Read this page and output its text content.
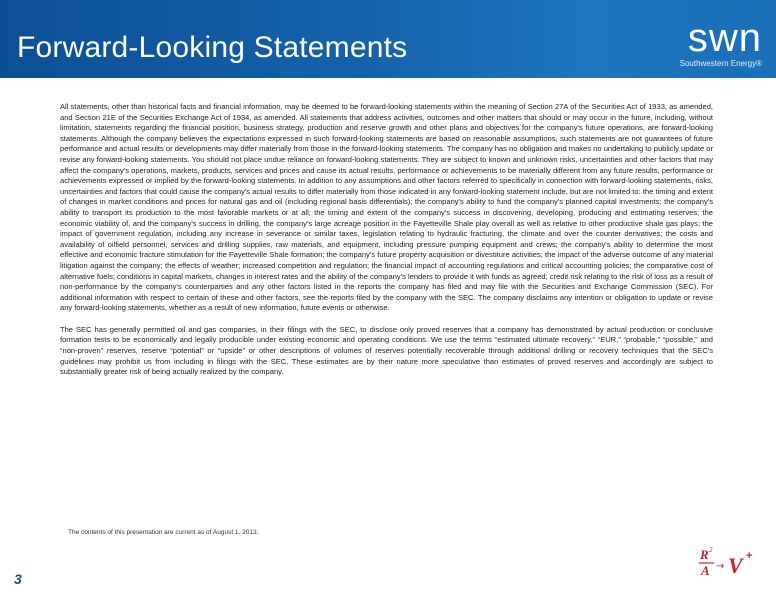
Forward-Looking Statements	swn
Southwestern Energy®

All statements, other than historical facts and financial information, may be deemed to be forward-looking statements within the meaning of Section 27A of the Securities Act of 1933, as amended, and Section 21E of the Securities Exchange Act of 1934, as amended. All statements that address activities, outcomes and other matters that should or may occur in the future, including, without limitation, statements regarding the financial position, business strategy, production and reserve growth and other plans and objectives for the company's future operations, are forward-looking statements. Although the company believes the expectations expressed in such forward-looking statements are based on reasonable assumptions, such statements are not guarantees of future performance and actual results or developments may differ materially from those in the forward-looking statements. The company has no obligation and makes no undertaking to publicly update or revise any forward-looking statements. You should not place undue reliance on forward-looking statements. They are subject to known and unknown risks, uncertainties and other factors that may affect the company's operations, markets, products, services and prices and cause its actual results, performance or achievements to be materially different from any future results, performance or achievements expressed or implied by the forward-looking statements. In addition to any assumptions and other factors referred to specifically in connection with forward-looking statements, risks, uncertainties and factors that could cause the company's actual results to differ materially from those indicated in any forward-looking statement include, but are not limited to: the timing and extent of changes in market conditions and prices for natural gas and oil (including regional basis differentials); the company's ability to fund the company's planned capital investments; the company's ability to transport its production to the most favorable markets or at all; the timing and extent of the company's success in discovering, developing, producing and estimating reserves; the economic viability of, and the company's success in drilling, the company's large acreage position in the Fayetteville Shale play overall as well as relative to other productive shale gas plays; the impact of government regulation, including any increase in severance or similar taxes, legislation relating to hydraulic fracturing, the climate and over the counter derivatives; the costs and availability of oilfield personnel, services and drilling supplies, raw materials, and equipment, including pressure pumping equipment and crews; the company's ability to determine the most effective and economic fracture stimulation for the Fayetteville Shale formation; the company's future property acquisition or divestiture activities; the impact of the adverse outcome of any material litigation against the company; the effects of weather; increased competition and regulation; the financial impact of accounting regulations and critical accounting policies; the comparative cost of alternative fuels; conditions in capital markets, changes in interest rates and the ability of the company's lenders to provide it with funds as agreed; credit risk relating to the risk of loss as a result of non-performance by the company's counterparties and any other factors listed in the reports the company has filed and may file with the Securities and Exchange Commission (SEC). For additional information with respect to certain of these and other factors, see the reports filed by the company with the SEC. The company disclaims any intention or obligation to update or revise any forward-looking statements, whether as a result of new information, future events or otherwise.

The SEC has generally permitted oil and gas companies, in their filings with the SEC, to disclose only proved reserves that a company has demonstrated by actual production or conclusive formation tests to be economically and legally producible under existing economic and operating conditions. We use the terms “estimated ultimate recovery,” “EUR,” “probable,” “possible,” and “non-proven” reserves, reserve “potential” or “upside” or other descriptions of volumes of reserves potentially recoverable through additional drilling or recovery techniques that the SEC's guidelines may prohibit us from including in filings with the SEC. These estimates are by their nature more speculative than estimates of proved reserves and accordingly are subject to substantially greater risk of being actually realized by the company.

The contents of this presentation are current as of August 1, 2013.
3
R 2
A → V +
